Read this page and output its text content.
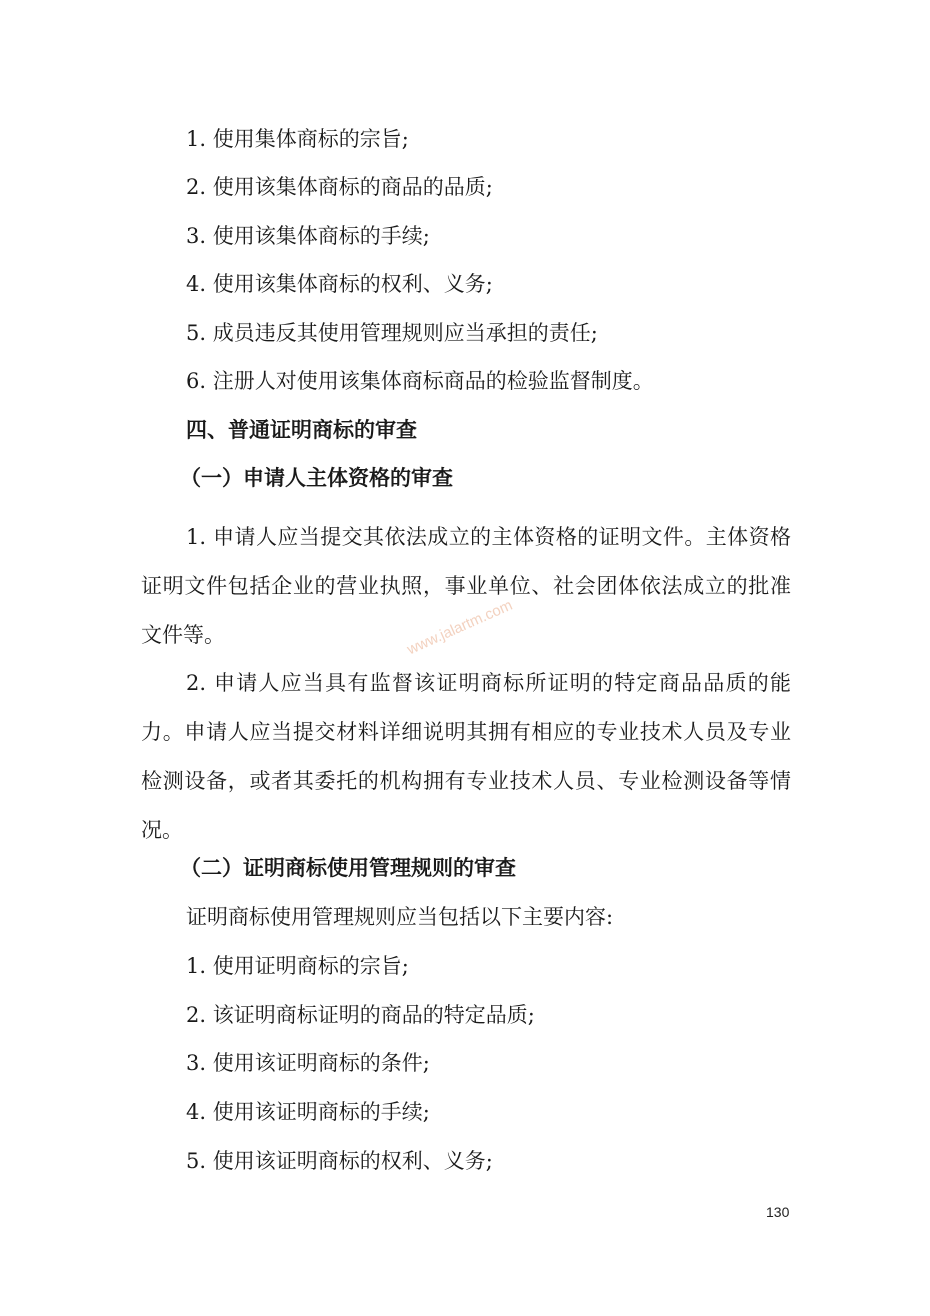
1. 使用集体商标的宗旨;
2. 使用该集体商标的商品的品质;
3. 使用该集体商标的手续;
4. 使用该集体商标的权利、义务;
5. 成员违反其使用管理规则应当承担的责任;
6. 注册人对使用该集体商标商品的检验监督制度。
四、普通证明商标的审查
（一）申请人主体资格的审查
1. 申请人应当提交其依法成立的主体资格的证明文件。主体资格证明文件包括企业的营业执照，事业单位、社会团体依法成立的批准文件等。
2. 申请人应当具有监督该证明商标所证明的特定商品品质的能力。申请人应当提交材料详细说明其拥有相应的专业技术人员及专业检测设备，或者其委托的机构拥有专业技术人员、专业检测设备等情况。
（二）证明商标使用管理规则的审查
证明商标使用管理规则应当包括以下主要内容:
1. 使用证明商标的宗旨;
2. 该证明商标证明的商品的特定品质;
3. 使用该证明商标的条件;
4. 使用该证明商标的手续;
5. 使用该证明商标的权利、义务;
www.jalartm.com
130
